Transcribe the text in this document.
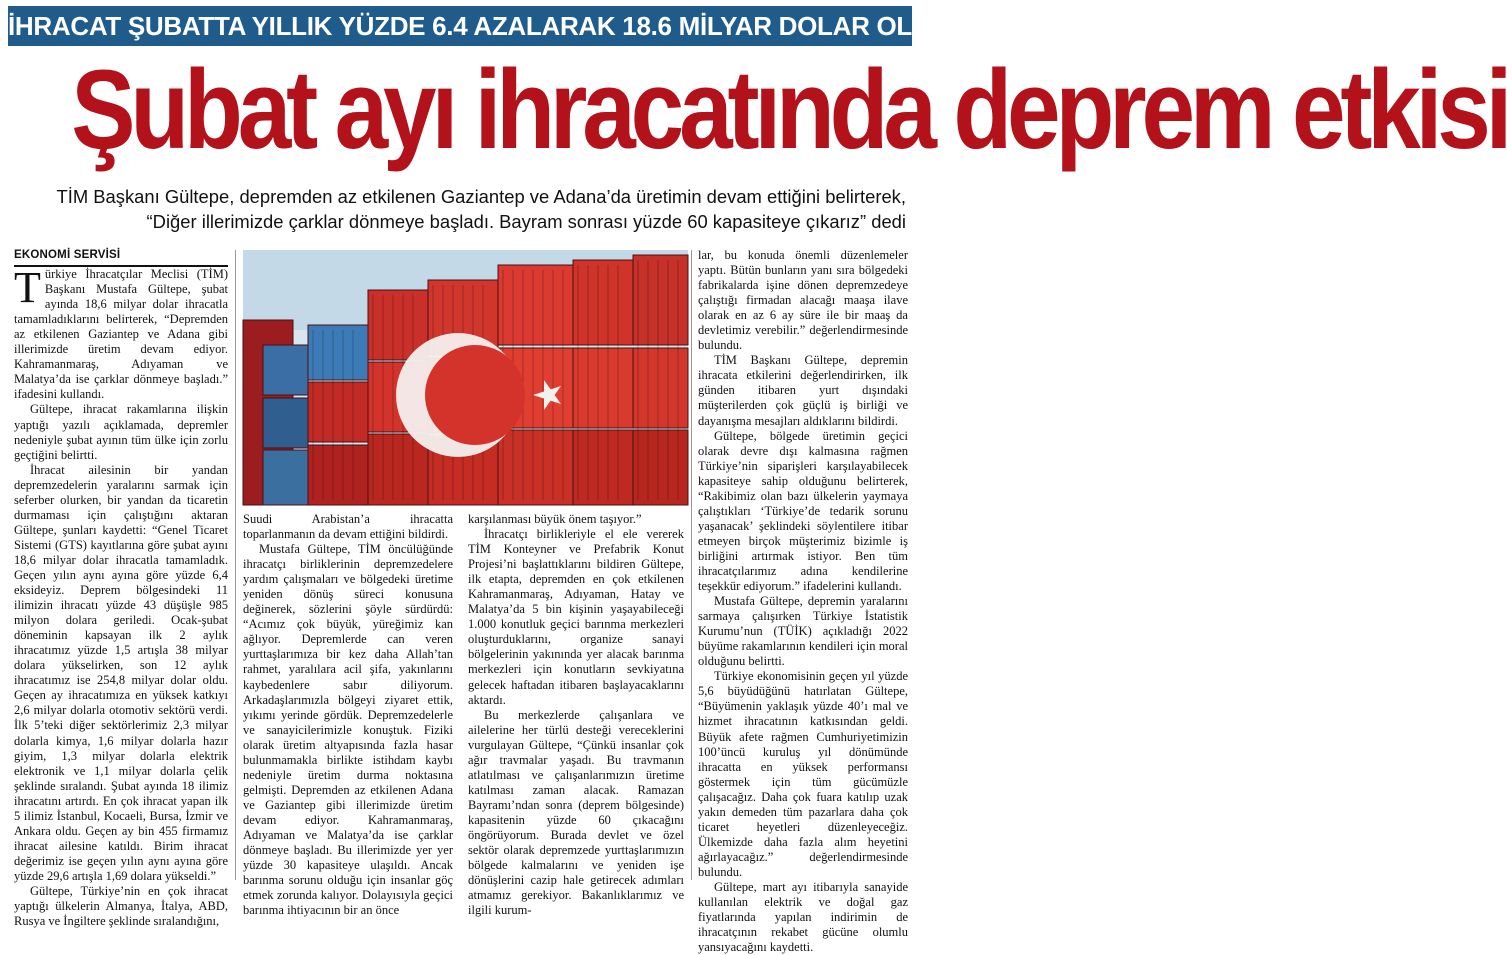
İHRACAT ŞUBATTA YILLIK YÜZDE 6.4 AZALARAK 18.6 MİLYAR DOLAR OLDU
Şubat ayı ihracatında deprem etkisi
TİM Başkanı Gültepe, depremden az etkilenen Gaziantep ve Adana’da üretimin devam ettiğini belirterek,
“Diğer illerimizde çarklar dönmeye başladı. Bayram sonrası yüzde 60 kapasiteye çıkarız” dedi

EKONOMİ SERVİSİ

Türkiye İhracatçılar Meclisi (TİM) Başkanı Mustafa Gültepe, şubat ayında 18,6 milyar dolar ihracatla tamamladıklarını belirterek, “Depremden az etkilenen Gaziantep ve Adana gibi illerimizde üretim devam ediyor. Kahramanmaraş, Adıyaman ve Malatya’da ise çarklar dönmeye başladı.” ifadesini kullandı.

Gültepe, ihracat rakamlarına ilişkin yaptığı yazılı açıklamada, depremler nedeniyle şubat ayının tüm ülke için zorlu geçtiğini belirtti.

İhracat ailesinin bir yandan depremzedelerin yaralarını sarmak için seferber olurken, bir yandan da ticaretin durmaması için çalıştığını aktaran Gültepe, şunları kaydetti: “Genel Ticaret Sistemi (GTS) kayıtlarına göre şubat ayını 18,6 milyar dolar ihracatla tamamladık. Geçen yılın aynı ayına göre yüzde 6,4 eksideyiz. Deprem bölgesindeki 11 ilimizin ihracatı yüzde 43 düşüşle 985 milyon dolara geriledi. Ocak-şubat döneminin kapsayan ilk 2 aylık ihracatımız yüzde 1,5 artışla 38 milyar dolara yükselirken, son 12 aylık ihracatımız ise 254,8 milyar dolar oldu. Geçen ay ihracatımıza en yüksek katkıyı 2,6 milyar dolarla otomotiv sektörü verdi. İlk 5’teki diğer sektörlerimiz 2,3 milyar dolarla kimya, 1,6 milyar dolarla hazır giyim, 1,3 milyar dolarla elektrik elektronik ve 1,1 milyar dolarla çelik şeklinde sıralandı. Şubat ayında 18 ilimiz ihracatını artırdı. En çok ihracat yapan ilk 5 ilimiz İstanbul, Kocaeli, Bursa, İzmir ve Ankara oldu. Geçen ay bin 455 firmamız ihracat ailesine katıldı. Birim ihracat değerimiz ise geçen yılın aynı ayına göre yüzde 29,6 artışla 1,69 dolara yükseldi.”

Gültepe, Türkiye’nin en çok ihracat yaptığı ülkelerin Almanya, İtalya, ABD, Rusya ve İngiltere şeklinde sıralandığını,

Suudi Arabistan’a ihracatta toparlanmanın da devam ettiğini bildirdi.

Mustafa Gültepe, TİM öncülüğünde ihracatçı birliklerinin depremzedelere yardım çalışmaları ve bölgedeki üretime yeniden dönüş süreci konusuna değinerek, sözlerini şöyle sürdürdü: “Acımız çok büyük, yüreğimiz kan ağlıyor. Depremlerde can veren yurttaşlarımıza bir kez daha Allah’tan rahmet, yaralılara acil şifa, yakınlarını kaybedenlere sabır diliyorum. Arkadaşlarımızla bölgeyi ziyaret ettik, yıkımı yerinde gördük. Depremzedelerle ve sanayicilerimizle konuştuk. Fiziki olarak üretim altyapısında fazla hasar bulunmamakla birlikte istihdam kaybı nedeniyle üretim durma noktasına gelmişti. Depremden az etkilenen Adana ve Gaziantep gibi illerimizde üretim devam ediyor. Kahramanmaraş, Adıyaman ve Malatya’da ise çarklar dönmeye başladı. Bu illerimizde yer yer yüzde 30 kapasiteye ulaşıldı. Ancak barınma sorunu olduğu için insanlar göç etmek zorunda kalıyor. Dolayısıyla geçici barınma ihtiyacının bir an önce

karşılanması büyük önem taşıyor.”

İhracatçı birlikleriyle el ele vererek TİM Konteyner ve Prefabrik Konut Projesi’ni başlattıklarını bildiren Gültepe, ilk etapta, depremden en çok etkilenen Kahramanmaraş, Adıyaman, Hatay ve Malatya’da 5 bin kişinin yaşayabileceği 1.000 konutluk geçici barınma merkezleri oluşturduklarını, organize sanayi bölgelerinin yakınında yer alacak barınma merkezleri için konutların sevkiyatına gelecek haftadan itibaren başlayacaklarını aktardı.

Bu merkezlerde çalışanlara ve ailelerine her türlü desteği vereceklerini vurgulayan Gültepe, “Çünkü insanlar çok ağır travmalar yaşadı. Bu travmanın atlatılması ve çalışanlarımızın üretime katılması zaman alacak. Ramazan Bayramı’ndan sonra (deprem bölgesinde) kapasitenin yüzde 60 çıkacağını öngörüyorum. Burada devlet ve özel sektör olarak depremzede yurttaşlarımızın bölgede kalmalarını ve yeniden işe dönüşlerini cazip hale getirecek adımları atmamız gerekiyor. Bakanlıklarımız ve ilgili kurum-

lar, bu konuda önemli düzenlemeler yaptı. Bütün bunların yanı sıra bölgedeki fabrikalarda işine dönen depremzedeye çalıştığı firmadan alacağı maaşa ilave olarak en az 6 ay süre ile bir maaş da devletimiz verebilir.” değerlendirmesinde bulundu.

TİM Başkanı Gültepe, depremin ihracata etkilerini değerlendirirken, ilk günden itibaren yurt dışındaki müşterilerden çok güçlü iş birliği ve dayanışma mesajları aldıklarını bildirdi.

Gültepe, bölgede üretimin geçici olarak devre dışı kalmasına rağmen Türkiye’nin siparişleri karşılayabilecek kapasiteye sahip olduğunu belirterek, “Rakibimiz olan bazı ülkelerin yaymaya çalıştıkları ‘Türkiye’de tedarik sorunu yaşanacak’ şeklindeki söylentilere itibar etmeyen birçok müşterimiz bizimle iş birliğini artırmak istiyor. Ben tüm ihracatçılarımız adına kendilerine teşekkür ediyorum.” ifadelerini kullandı.

Mustafa Gültepe, depremin yaralarını sarmaya çalışırken Türkiye İstatistik Kurumu’nun (TÜİK) açıkladığı 2022 büyüme rakamlarının kendileri için moral olduğunu belirtti.

Türkiye ekonomisinin geçen yıl yüzde 5,6 büyüdüğünü hatırlatan Gültepe, “Büyümenin yaklaşık yüzde 40’ı mal ve hizmet ihracatının katkısından geldi. Büyük afete rağmen Cumhuriyetimizin 100’üncü kuruluş yıl dönümünde ihracatta en yüksek performansı göstermek için tüm gücümüzle çalışacağız. Daha çok fuara katılıp uzak yakın demeden tüm pazarlara daha çok ticaret heyetleri düzenleyeceğiz. Ülkemizde daha fazla alım heyetini ağırlayacağız.” değerlendirmesinde bulundu.

Gültepe, mart ayı itibarıyla sanayide kullanılan elektrik ve doğal gaz fiyatlarında yapılan indirimin de ihracatçının rekabet gücüne olumlu yansıyacağını kaydetti.
